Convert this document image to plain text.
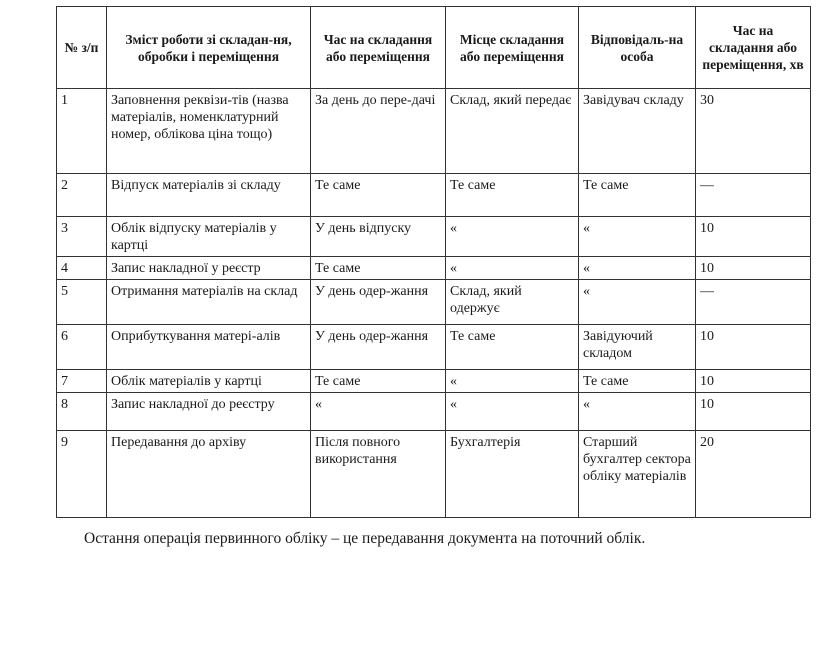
№ з/п	Зміст роботи зі складан-ня, обробки і переміщення	Час на складання або переміщення	Місце складання або переміщення	Відповідаль-на особа	Час на складання або переміщення, хв
1	Заповнення реквізи-тів (назва матеріалів, номенклатурний номер, облікова ціна тощо)	За день до пере-дачі	Склад, який передає	Завідувач складу	30
2	Відпуск матеріалів зі складу	Те саме	Те саме	Те саме	—
3	Облік відпуску матеріалів у картці	У день відпуску	«	«	10
4	Запис накладної у реєстр	Те саме	«	«	10
5	Отримання матеріалів на склад	У день одер-жання	Склад, який одержує	«	—
6	Оприбуткування матері-алів	У день одер-жання	Те саме	Завідуючий складом	10
7	Облік матеріалів у картці	Те саме	«	Те саме	10
8	Запис накладної до реєстру	«	«	«	10
9	Передавання до архіву	Після повного використання	Бухгалтерія	Старший бухгалтер сектора обліку матеріалів	20
Остання операція первинного обліку – це передавання документа на поточний облік.
